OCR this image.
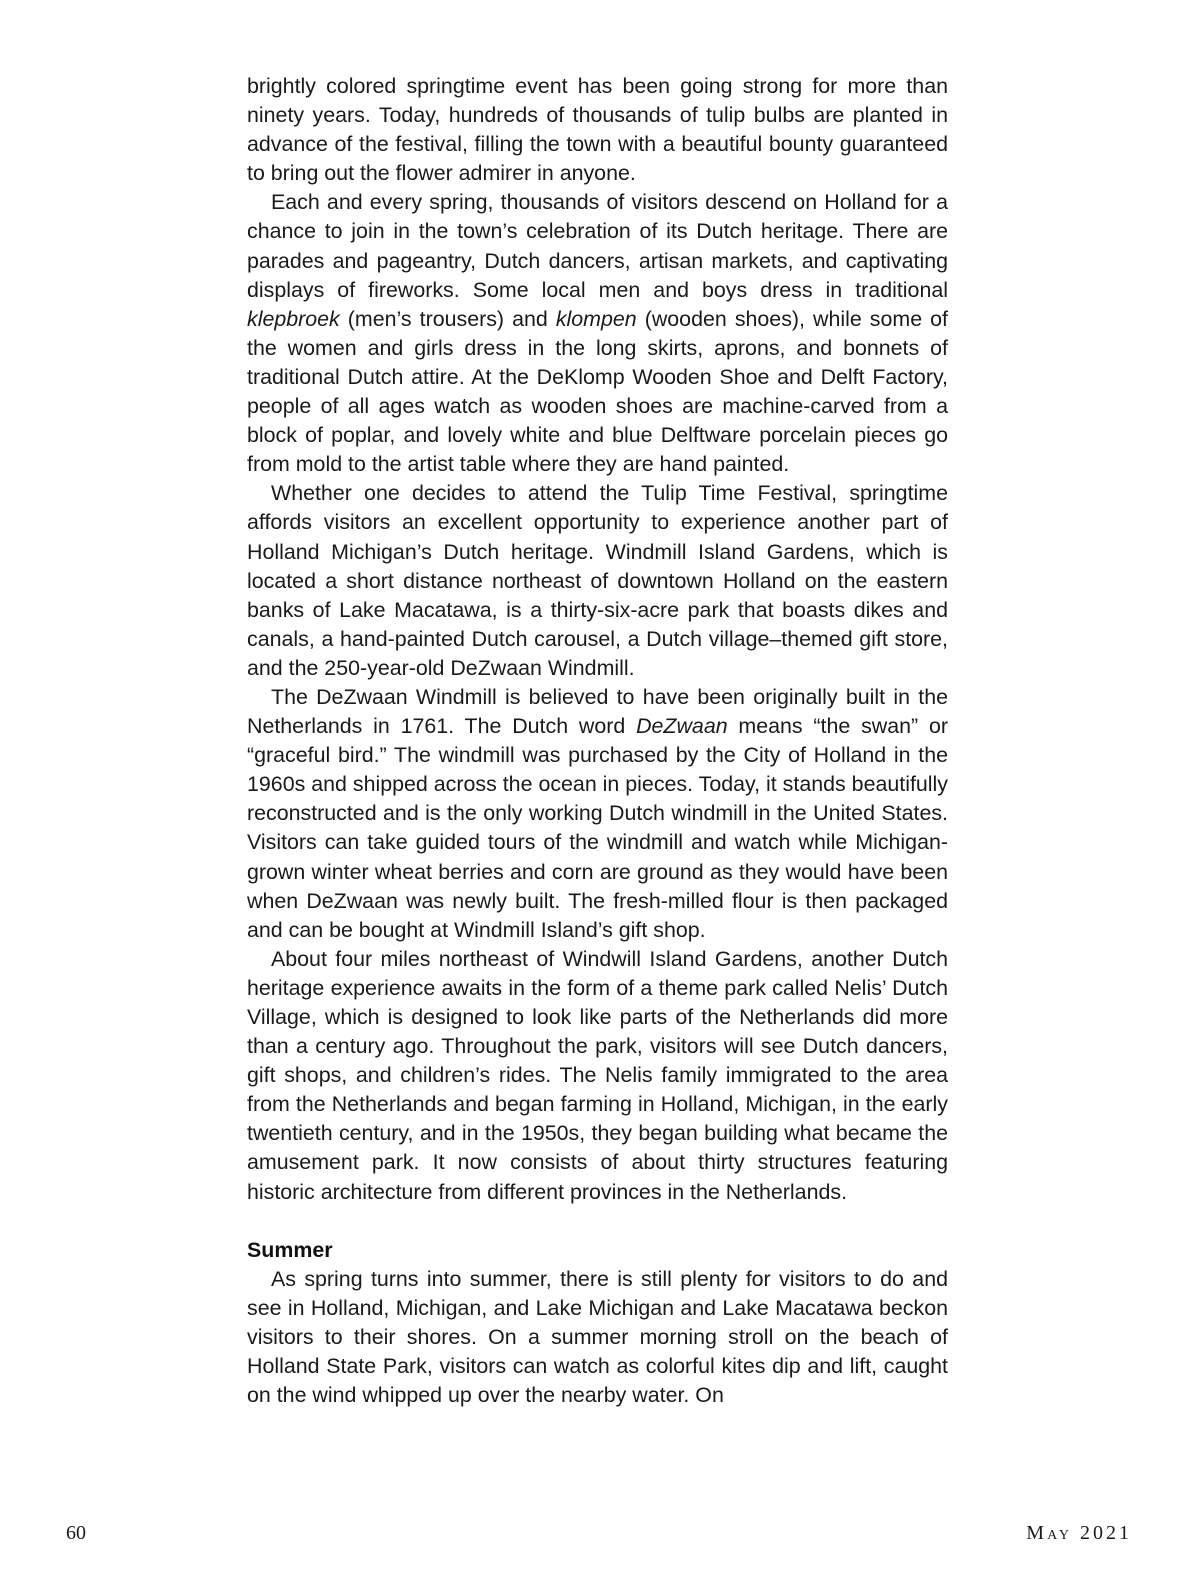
brightly colored springtime event has been going strong for more than ninety years. Today, hundreds of thousands of tulip bulbs are planted in advance of the festival, filling the town with a beautiful bounty guaranteed to bring out the flower admirer in anyone.

Each and every spring, thousands of visitors descend on Holland for a chance to join in the town’s celebration of its Dutch heritage. There are parades and pageantry, Dutch dancers, artisan markets, and captivating displays of fireworks. Some local men and boys dress in traditional klepbroek (men’s trousers) and klompen (wooden shoes), while some of the women and girls dress in the long skirts, aprons, and bonnets of traditional Dutch attire. At the DeKlomp Wooden Shoe and Delft Factory, people of all ages watch as wooden shoes are machine-carved from a block of poplar, and lovely white and blue Delftware porcelain pieces go from mold to the artist table where they are hand painted.

Whether one decides to attend the Tulip Time Festival, springtime affords visitors an excellent opportunity to experience another part of Holland Michigan’s Dutch heritage. Windmill Island Gardens, which is located a short distance northeast of downtown Holland on the eastern banks of Lake Macatawa, is a thirty-six-acre park that boasts dikes and canals, a hand-painted Dutch carousel, a Dutch village–themed gift store, and the 250-year-old DeZwaan Windmill.

The DeZwaan Windmill is believed to have been originally built in the Netherlands in 1761. The Dutch word DeZwaan means “the swan” or “graceful bird.” The windmill was purchased by the City of Holland in the 1960s and shipped across the ocean in pieces. Today, it stands beautifully reconstructed and is the only working Dutch windmill in the United States. Visitors can take guided tours of the windmill and watch while Michigan-grown winter wheat berries and corn are ground as they would have been when DeZwaan was newly built. The fresh-milled flour is then packaged and can be bought at Windmill Island’s gift shop.

About four miles northeast of Windwill Island Gardens, another Dutch heritage experience awaits in the form of a theme park called Nelis’ Dutch Village, which is designed to look like parts of the Netherlands did more than a century ago. Throughout the park, visitors will see Dutch dancers, gift shops, and children’s rides. The Nelis family immigrated to the area from the Netherlands and began farming in Holland, Michigan, in the early twentieth century, and in the 1950s, they began building what became the amusement park. It now consists of about thirty structures featuring historic architecture from different provinces in the Netherlands.

Summer

As spring turns into summer, there is still plenty for visitors to do and see in Holland, Michigan, and Lake Michigan and Lake Macatawa beckon visitors to their shores. On a summer morning stroll on the beach of Holland State Park, visitors can watch as colorful kites dip and lift, caught on the wind whipped up over the nearby water. On

60	May 2021
